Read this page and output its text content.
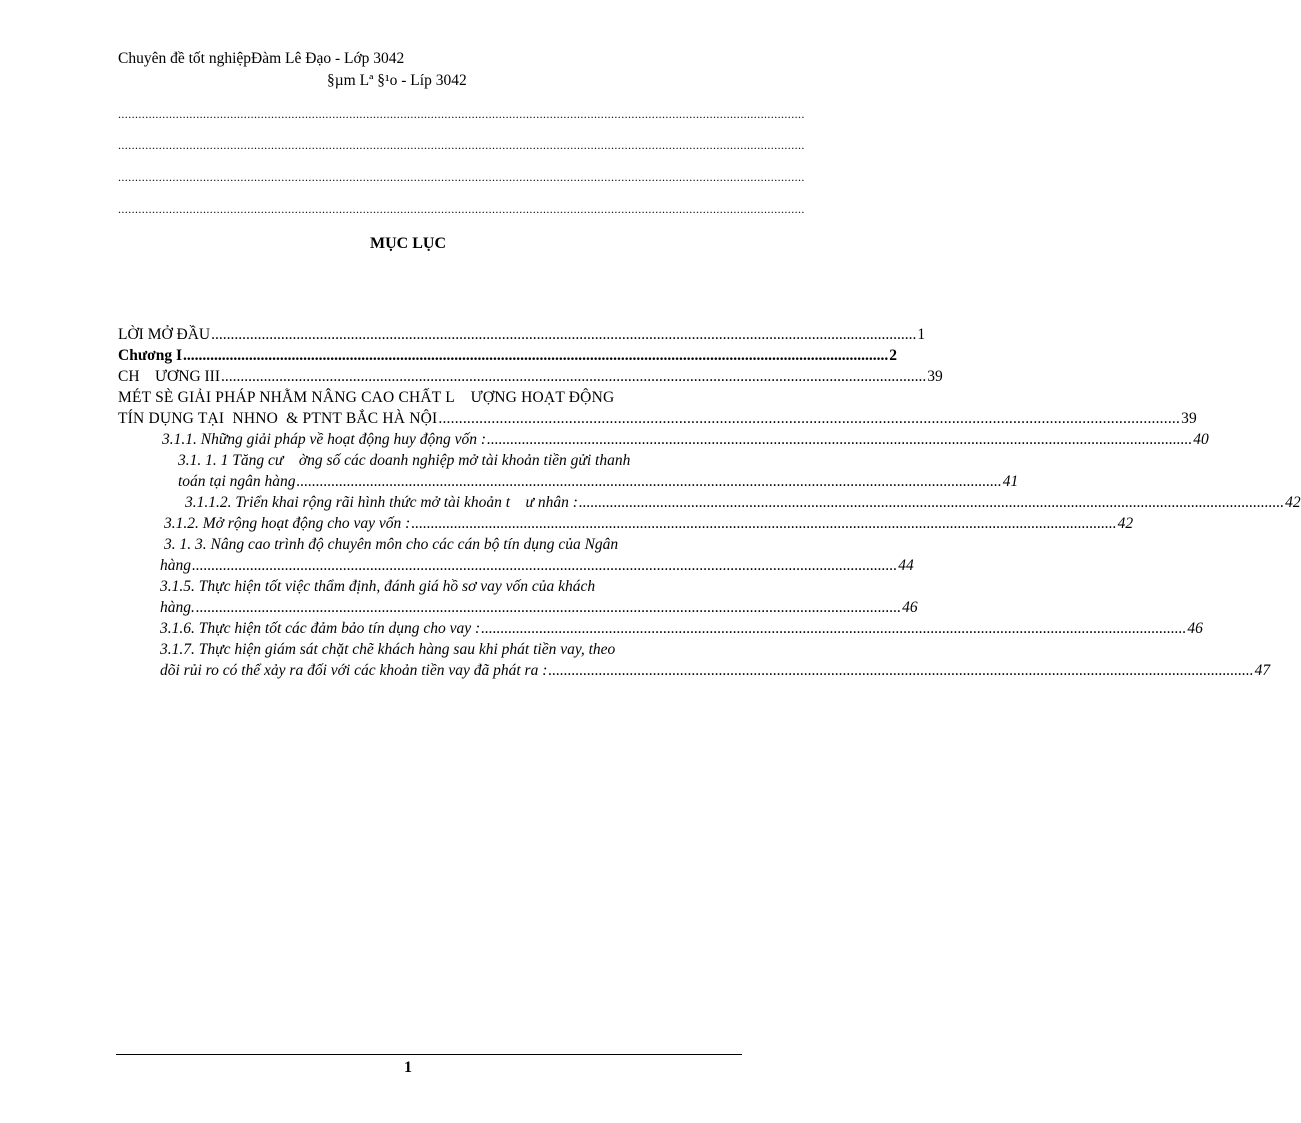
Chuyên đề tốt nghiệpĐàm Lê Đạo - Lớp 3042
§µm Lª §¹o - Líp 3042
..........................................................................................................................................................................................................
..........................................................................................................................................................................................................
..........................................................................................................................................................................................................
..........................................................................................................................................................................................................
MỤC LỤC
LỜI MỞ ĐẦU ...................................................................................................................................................................................... 1
Chương I ...................................................................................................................................................................................... 2
CH    ƯƠNG III ...................................................................................................................................................................................... 39
MÉT SÈ GIẢI PHÁP NHẰM NÂNG CAO CHẤT L    ƯỢNG HOẠT ĐỘNG
TÍN DỤNG TẠI  NHNO  & PTNT BẮC HÀ NỘI ...................................................................................................................................................................................... 39
3.1.1. Những giải pháp về hoạt động huy động vốn : ...................................................................................................................................................................................... 40
3.1. 1. 1 Tăng cư    ờng số các doanh nghiệp mở tài khoản tiền gửi thanh
toán tại ngân hàng ...................................................................................................................................................................................... 41
3.1.1.2. Triển khai rộng rãi hình thức mở tài khoản t    ư nhân : ...................................................................................................................................................................................... 42
3.1.2. Mở rộng hoạt động cho vay vốn : ...................................................................................................................................................................................... 42
3. 1. 3. Nâng cao trình độ chuyên môn cho các cán bộ tín dụng của Ngân
hàng ...................................................................................................................................................................................... 44
3.1.5. Thực hiện tốt việc thẩm định, đánh giá hồ sơ vay vốn của khách
hàng. ...................................................................................................................................................................................... 46
3.1.6. Thực hiện tốt các đảm bảo tín dụng cho vay : ...................................................................................................................................................................................... 46
3.1.7. Thực hiện giám sát chặt chẽ khách hàng sau khi phát tiền vay, theo
dõi rủi ro có thể xảy ra đối với các khoản tiền vay đã phát ra : ...................................................................................................................................................................................... 47
1
